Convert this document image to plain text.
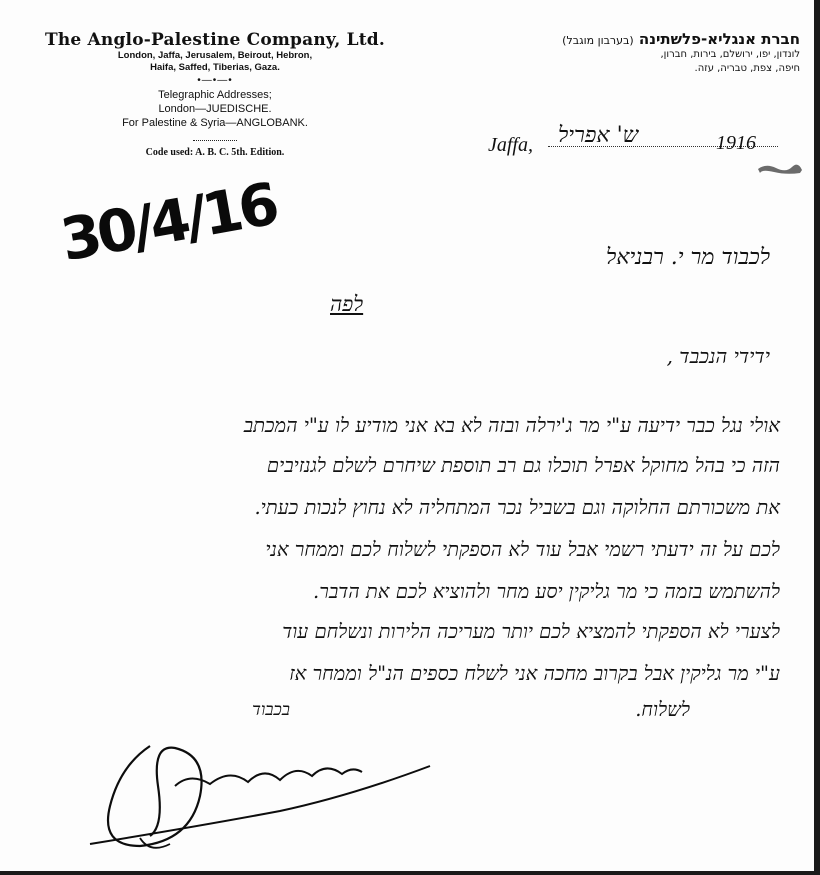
The Anglo-Palestine Company, Ltd.
London, Jaffa, Jerusalem, Beirout, Hebron,
Haifa, Saffed, Tiberias, Gaza.
•—•—•
Telegraphic Addresses;
London—JUEDISCHE.
For Palestine & Syria—ANGLOBANK.
Code used: A. B. C. 5th. Edition.
חברת אנגליא-פלשתינה (בערבון מוגבל)
לונדון, יפו, ירושלם, בירות, חברון,
חיפה, צפת, טבריה, עזה.
Jaffa, ש' אפריל	1916
30/4/16	לכבוד מר י. רבניאל
לפה
ידידי הנכבד ,
אולי נגל כבר ידיעה ע"י מר ג'ירלה ובזה לא בא אני מודיע לו ע"י המכתב
הזה כי בהל מחוקל אפרל תוכלו גם רב תוספת שיחרם לשלם לגנזיבים
את משכורתם החלוקה וגם בשביל נכר המתחליה לא נחוץ לנכות כעתי.
לכם על זה ידעתי רשמי אבל עוד לא הספקתי לשלוח לכם וממחר אני
להשתמש בזמה כי מר גליקין יסע מחר ולהוציא לכם את הדבר.
לצערי לא הספקתי להמציא לכם יותר מעריכה הלירות ונשלחם עוד
ע"י מר גליקין אבל בקרוב מחכה אני לשלח כספים הנ"ל וממחר אז
לשלוח.
בכבוד
